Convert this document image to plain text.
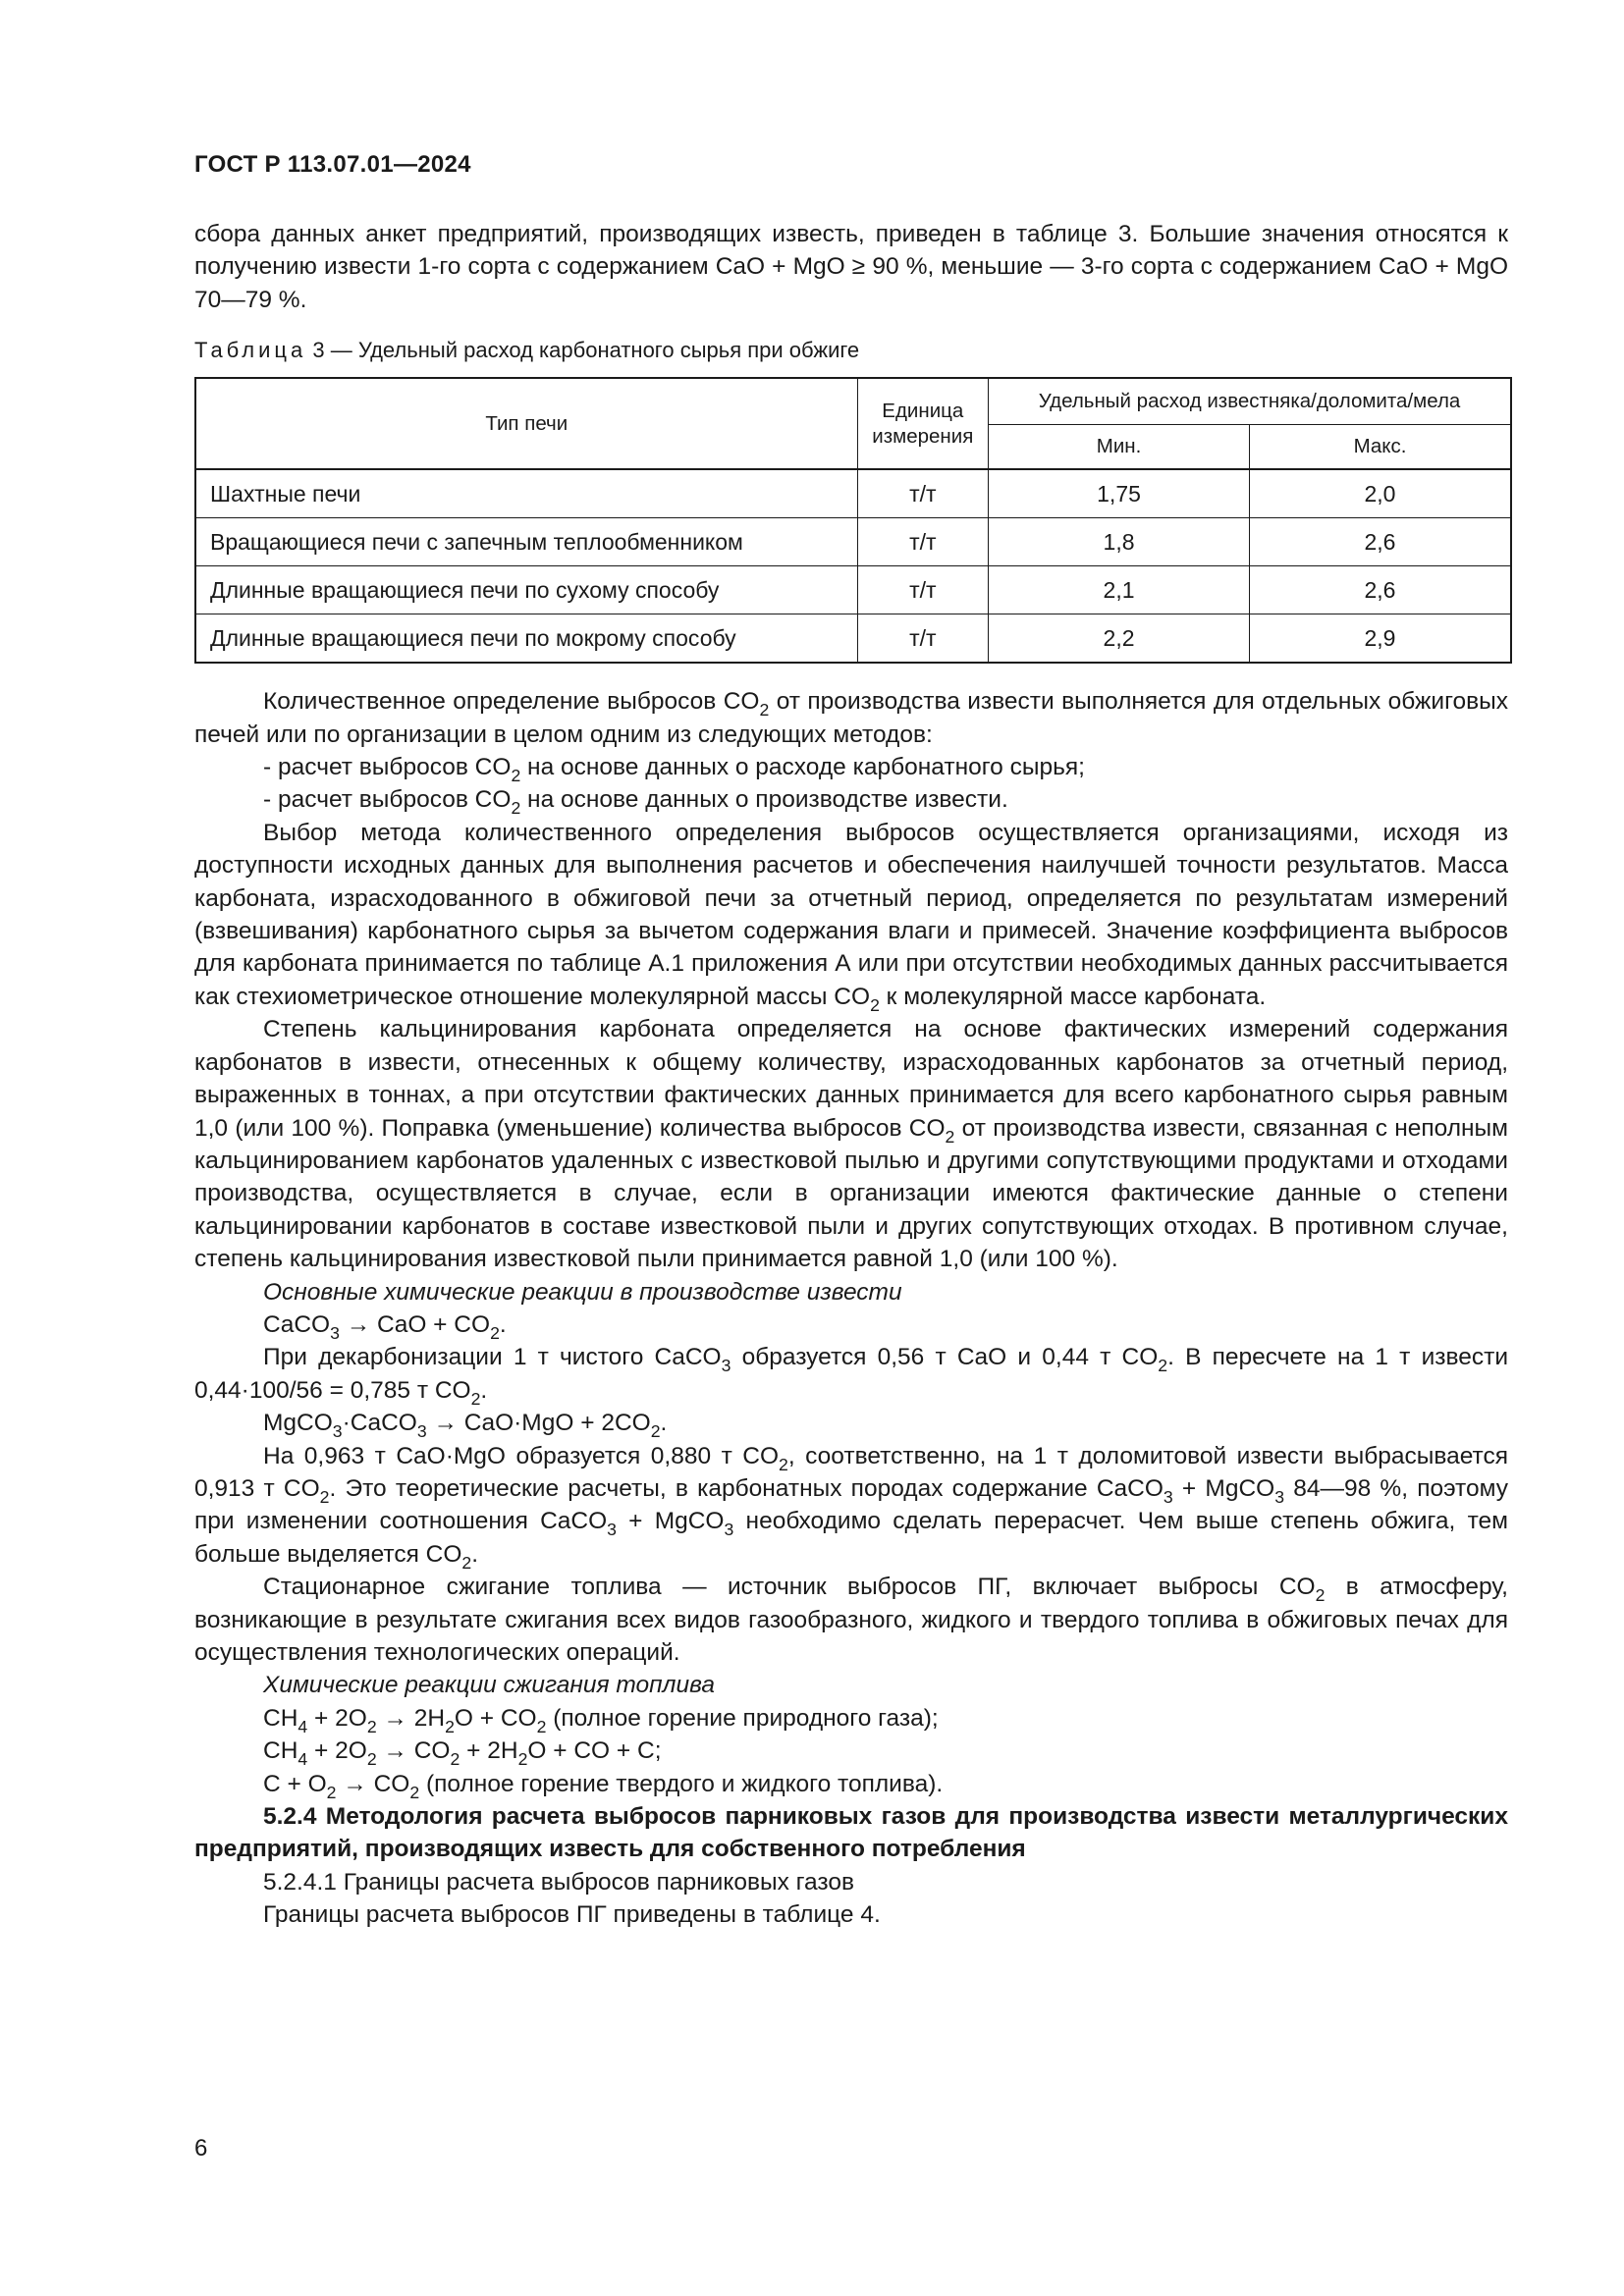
ГОСТ Р 113.07.01—2024

сбора данных анкет предприятий, производящих известь, приведен в таблице 3. Большие значения относятся к получению извести 1-го сорта с содержанием CaO + MgO ≥ 90 %, меньшие — 3-го сорта с содержанием CaO + MgO 70—79 %.

Таблица 3 — Удельный расход карбонатного сырья при обжиге

Тип печи	Единица измерения	Удельный расход известняка/доломита/мела	
		Мин.	Макс.
Шахтные печи	т/т	1,75	2,0
Вращающиеся печи с запечным теплообменником	т/т	1,8	2,6
Длинные вращающиеся печи по сухому способу	т/т	2,1	2,6
Длинные вращающиеся печи по мокрому способу	т/т	2,2	2,9

Количественное определение выбросов $CO_2$ от производства извести выполняется для отдельных обжиговых печей или по организации в целом одним из следующих методов:

- расчет выбросов $CO_2$ на основе данных о расходе карбонатного сырья;

- расчет выбросов $CO_2$ на основе данных о производстве извести.

Выбор метода количественного определения выбросов осуществляется организациями, исходя из доступности исходных данных для выполнения расчетов и обеспечения наилучшей точности результатов. Масса карбоната, израсходованного в обжиговой печи за отчетный период, определяется по результатам измерений (взвешивания) карбонатного сырья за вычетом содержания влаги и примесей. Значение коэффициента выбросов для карбоната принимается по таблице А.1 приложения А или при отсутствии необходимых данных рассчитывается как стехиометрическое отношение молекулярной массы $CO_2$ к молекулярной массе карбоната.

Степень кальцинирования карбоната определяется на основе фактических измерений содержания карбонатов в извести, отнесенных к общему количеству, израсходованных карбонатов за отчетный период, выраженных в тоннах, а при отсутствии фактических данных принимается для всего карбонатного сырья равным 1,0 (или 100 %). Поправка (уменьшение) количества выбросов $CO_2$ от производства извести, связанная с неполным кальцинированием карбонатов удаленных с известковой пылью и другими сопутствующими продуктами и отходами производства, осуществляется в случае, если в организации имеются фактические данные о степени кальцинировании карбонатов в составе известковой пыли и других сопутствующих отходах. В противном случае, степень кальцинирования известковой пыли принимается равной 1,0 (или 100 %).

Основные химические реакции в производстве извести

CaCO$_3$ → CaO + $CO_2$.

При декарбонизации 1 т чистого CaCO$_3$ образуется 0,56 т CaO и 0,44 т $CO_2$. В пересчете на 1 т извести 0,44·100/56 = 0,785 т $CO_2$.

MgCO$_3$·CaCO$_3$ → $CaO\cdot MgO + 2CO_2$.

На 0,963 т CaO·MgO образуется 0,880 т $CO_2$, соответственно, на 1 т доломитовой извести выбрасывается 0,913 т $CO_2$. Это теоретические расчеты, в карбонатных породах содержание CaCO$_3$ + MgCO$_3$ 84—98 %, поэтому при изменении соотношения CaCO$_3$ + MgCO$_3$ необходимо сделать перерасчет. Чем выше степень обжига, тем больше выделяется $CO_2$.

Стационарное сжигание топлива — источник выбросов ПГ, включает выбросы $CO_2$ в атмосферу, возникающие в результате сжигания всех видов газообразного, жидкого и твердого топлива в обжиговых печах для осуществления технологических операций.

Химические реакции сжигания топлива

$CH_4 + 2O_2 \to 2H_2O + CO_2$ (полное горение природного газа);

$CH_4 + 2O_2 \to CO_2 + 2H_2O$ + CO + C;

$C + O_2 \to CO_2$ (полное горение твердого и жидкого топлива).

5.2.4 Методология расчета выбросов парниковых газов для производства извести металлургических предприятий, производящих известь для собственного потребления

5.2.4.1 Границы расчета выбросов парниковых газов

Границы расчета выбросов ПГ приведены в таблице 4.

6
